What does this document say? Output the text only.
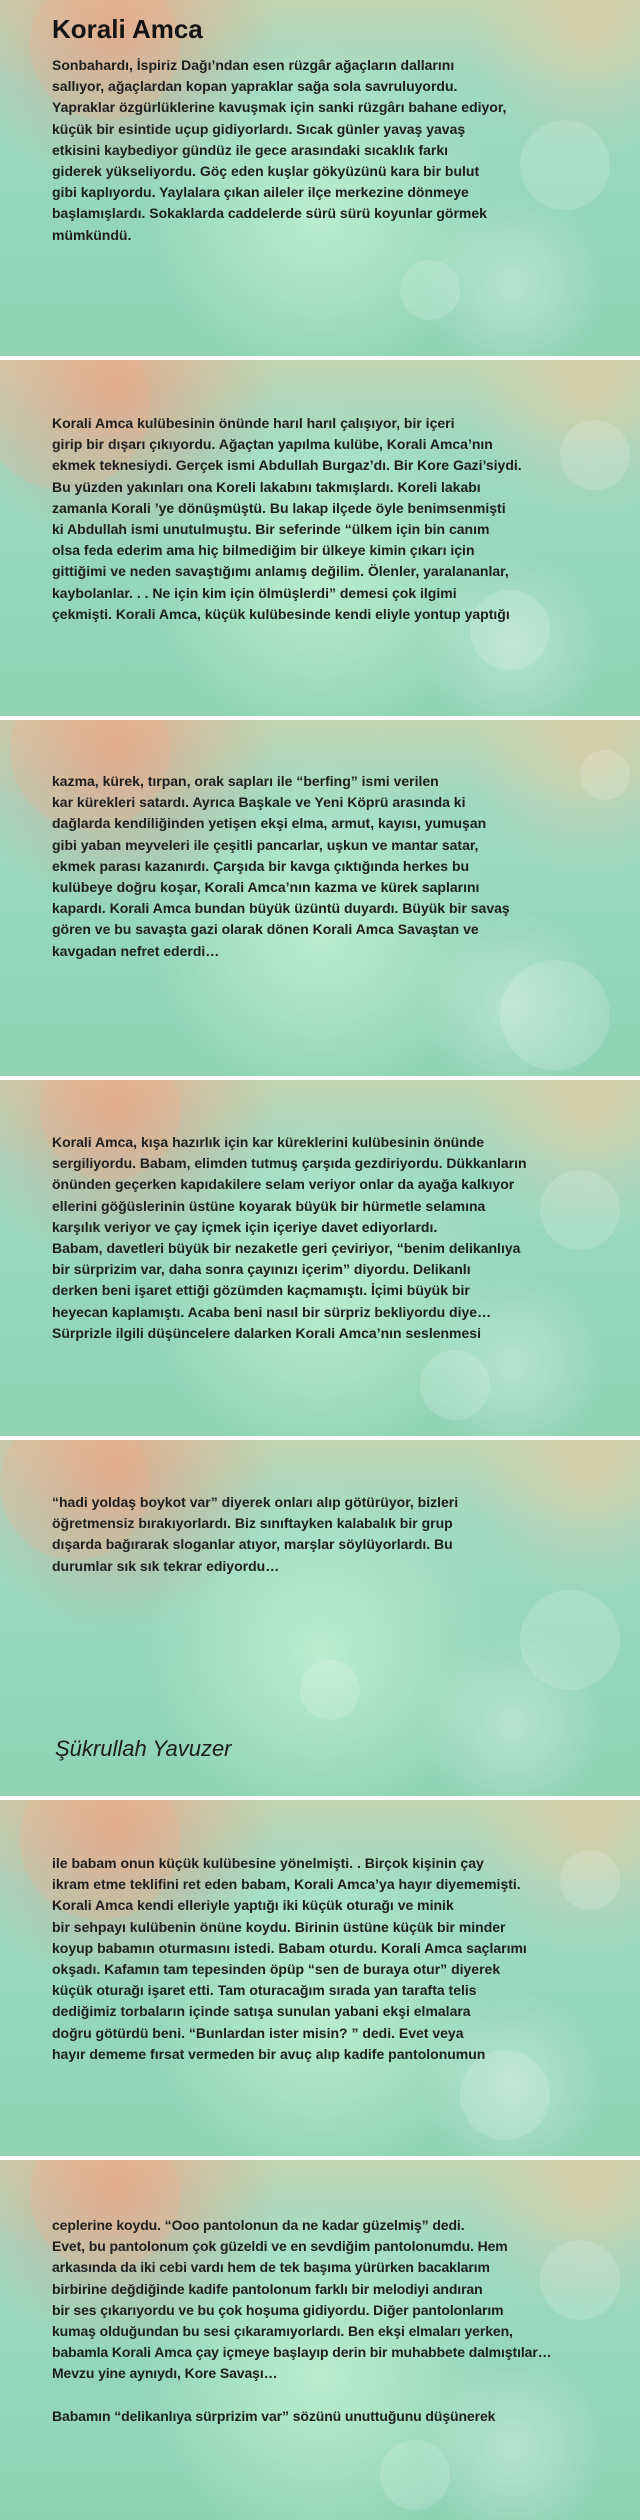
Korali Amca
Sonbahardı, İspiriz Dağı’ndan esen rüzgâr ağaçların dallarını
sallıyor, ağaçlardan kopan yapraklar sağa sola savruluyordu.
Yapraklar özgürlüklerine kavuşmak için sanki rüzgârı bahane ediyor,
küçük bir esintide uçup gidiyorlardı. Sıcak günler yavaş yavaş
etkisini kaybediyor gündüz ile gece arasındaki sıcaklık farkı
giderek yükseliyordu. Göç eden kuşlar gökyüzünü kara bir bulut
gibi kaplıyordu. Yaylalara çıkan aileler ilçe merkezine dönmeye
başlamışlardı. Sokaklarda caddelerde sürü sürü koyunlar görmek
mümkündü.
Korali Amca kulübesinin önünde harıl harıl çalışıyor, bir içeri
girip bir dışarı çıkıyordu. Ağaçtan yapılma kulübe, Korali Amca’nın
ekmek teknesiydi. Gerçek ismi Abdullah Burgaz’dı. Bir Kore Gazi’siydi.
Bu yüzden yakınları ona Koreli lakabını takmışlardı. Koreli lakabı
zamanla Korali ’ye dönüşmüştü. Bu lakap ilçede öyle benimsenmişti
ki Abdullah ismi unutulmuştu. Bir seferinde “ülkem için bin canım
olsa feda ederim ama hiç bilmediğim bir ülkeye kimin çıkarı için
gittiğimi ve neden savaştığımı anlamış değilim. Ölenler, yaralananlar,
kaybolanlar. . . Ne için kim için ölmüşlerdi” demesi çok ilgimi
çekmişti. Korali Amca, küçük kulübesinde kendi eliyle yontup yaptığı
kazma, kürek, tırpan, orak sapları ile “berfing” ismi verilen
kar kürekleri satardı. Ayrıca Başkale ve Yeni Köprü arasında ki
dağlarda kendiliğinden yetişen ekşi elma, armut, kayısı, yumuşan
gibi yaban meyveleri ile çeşitli pancarlar, uşkun ve mantar satar,
ekmek parası kazanırdı. Çarşıda bir kavga çıktığında herkes bu
kulübeye doğru koşar, Korali Amca’nın kazma ve kürek saplarını
kapardı. Korali Amca bundan büyük üzüntü duyardı. Büyük bir savaş
gören ve bu savaşta gazi olarak dönen Korali Amca Savaştan ve
kavgadan nefret ederdi…
Korali Amca, kışa hazırlık için kar küreklerini kulübesinin önünde
sergiliyordu. Babam, elimden tutmuş çarşıda gezdiriyordu. Dükkanların
önünden geçerken kapıdakilere selam veriyor onlar da ayağa kalkıyor
ellerini göğüslerinin üstüne koyarak büyük bir hürmetle selamına
karşılık veriyor ve çay içmek için içeriye davet ediyorlardı.
Babam, davetleri büyük bir nezaketle geri çeviriyor, “benim delikanlıya
bir sürprizim var, daha sonra çayınızı içerim” diyordu. Delikanlı
derken beni işaret ettiği gözümden kaçmamıştı. İçimi büyük bir
heyecan kaplamıştı. Acaba beni nasıl bir sürpriz bekliyordu diye…
Sürprizle ilgili düşüncelere dalarken Korali Amca’nın seslenmesi
“hadi yoldaş boykot var” diyerek onları alıp götürüyor, bizleri
öğretmensiz bırakıyorlardı. Biz sınıftayken kalabalık bir grup
dışarda bağırarak sloganlar atıyor, marşlar söylüyorlardı. Bu
durumlar sık sık tekrar ediyordu…
Şükrullah Yavuzer
ile babam onun küçük kulübesine yönelmişti. . Birçok kişinin çay
ikram etme teklifini ret eden babam, Korali Amca’ya hayır diyememişti.
Korali Amca kendi elleriyle yaptığı iki küçük oturağı ve minik
bir sehpayı kulübenin önüne koydu. Birinin üstüne küçük bir minder
koyup babamın oturmasını istedi. Babam oturdu. Korali Amca saçlarımı
okşadı. Kafamın tam tepesinden öpüp “sen de buraya otur” diyerek
küçük oturağı işaret etti. Tam oturacağım sırada yan tarafta telis
dediğimiz torbaların içinde satışa sunulan yabani ekşi elmalara
doğru götürdü beni. “Bunlardan ister misin? ” dedi. Evet veya
hayır dememe fırsat vermeden bir avuç alıp kadife pantolonumun
ceplerine koydu. “Ooo pantolonun da ne kadar güzelmiş” dedi.
Evet, bu pantolonum çok güzeldi ve en sevdiğim pantolonumdu. Hem
arkasında da iki cebi vardı hem de tek başıma yürürken bacaklarım
birbirine değdiğinde kadife pantolonum farklı bir melodiyi andıran
bir ses çıkarıyordu ve bu çok hoşuma gidiyordu. Diğer pantolonlarım
kumaş olduğundan bu sesi çıkaramıyorlardı. Ben ekşi elmaları yerken,
babamla Korali Amca çay içmeye başlayıp derin bir muhabbete dalmıştılar…
Mevzu yine aynıydı, Kore Savaşı…

Babamın “delikanlıya sürprizim var” sözünü unuttuğunu düşünerek
